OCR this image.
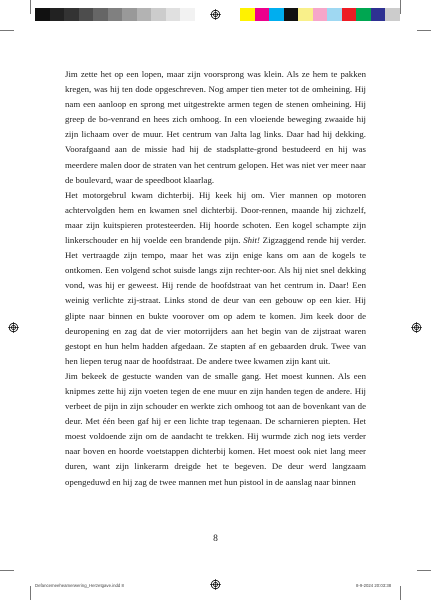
Jim zette het op een lopen, maar zijn voorsprong was klein. Als ze hem te pakken kregen, was hij ten dode opgeschreven. Nog amper tien meter tot de omheining. Hij nam een aanloop en sprong met uitgestrekte armen tegen de stenen omheining. Hij greep de bo-venrand en hees zich omhoog. In een vloeiende beweging zwaaide hij zijn lichaam over de muur. Het centrum van Jalta lag links. Daar had hij dekking. Voorafgaand aan de missie had hij de stadsplatte-grond bestudeerd en hij was meerdere malen door de straten van het centrum gelopen. Het was niet ver meer naar de boulevard, waar de speedboot klaarlag.

Het motorgebrul kwam dichterbij. Hij keek hij om. Vier mannen op motoren achtervolgden hem en kwamen snel dichterbij. Door-rennen, maande hij zichzelf, maar zijn kuitspieren protesteerden. Hij hoorde schoten. Een kogel schampte zijn linkerschouder en hij voelde een brandende pijn. Shit! Zigzaggend rende hij verder. Het vertraagde zijn tempo, maar het was zijn enige kans om aan de kogels te ontkomen. Een volgend schot suisde langs zijn rechter-oor. Als hij niet snel dekking vond, was hij er geweest. Hij rende de hoofdstraat van het centrum in. Daar! Een weinig verlichte zij-straat. Links stond de deur van een gebouw op een kier. Hij glipte naar binnen en bukte voorover om op adem te komen. Jim keek door de deuropening en zag dat de vier motorrijders aan het begin van de zijstraat waren gestopt en hun helm hadden afgedaan. Ze stapten af en gebaarden druk. Twee van hen liepen terug naar de hoofdstraat. De andere twee kwamen zijn kant uit.

Jim bekeek de gestucte wanden van de smalle gang. Het moest kunnen. Als een knipmes zette hij zijn voeten tegen de ene muur en zijn handen tegen de andere. Hij verbeet de pijn in zijn schouder en werkte zich omhoog tot aan de bovenkant van de deur. Met één been gaf hij er een lichte trap tegenaan. De scharnieren piepten. Het moest voldoende zijn om de aandacht te trekken. Hij wurmde zich nog iets verder naar boven en hoorde voetstappen dichterbij komen. Het moest ook niet lang meer duren, want zijn linkerarm dreigde het te begeven. De deur werd langzaam opengeduwd en hij zag de twee mannen met hun pistool in de aanslag naar binnen

8
Defancemeeheamerwering_Herzetgave.indd 8	8-9-2024 20:03:38
